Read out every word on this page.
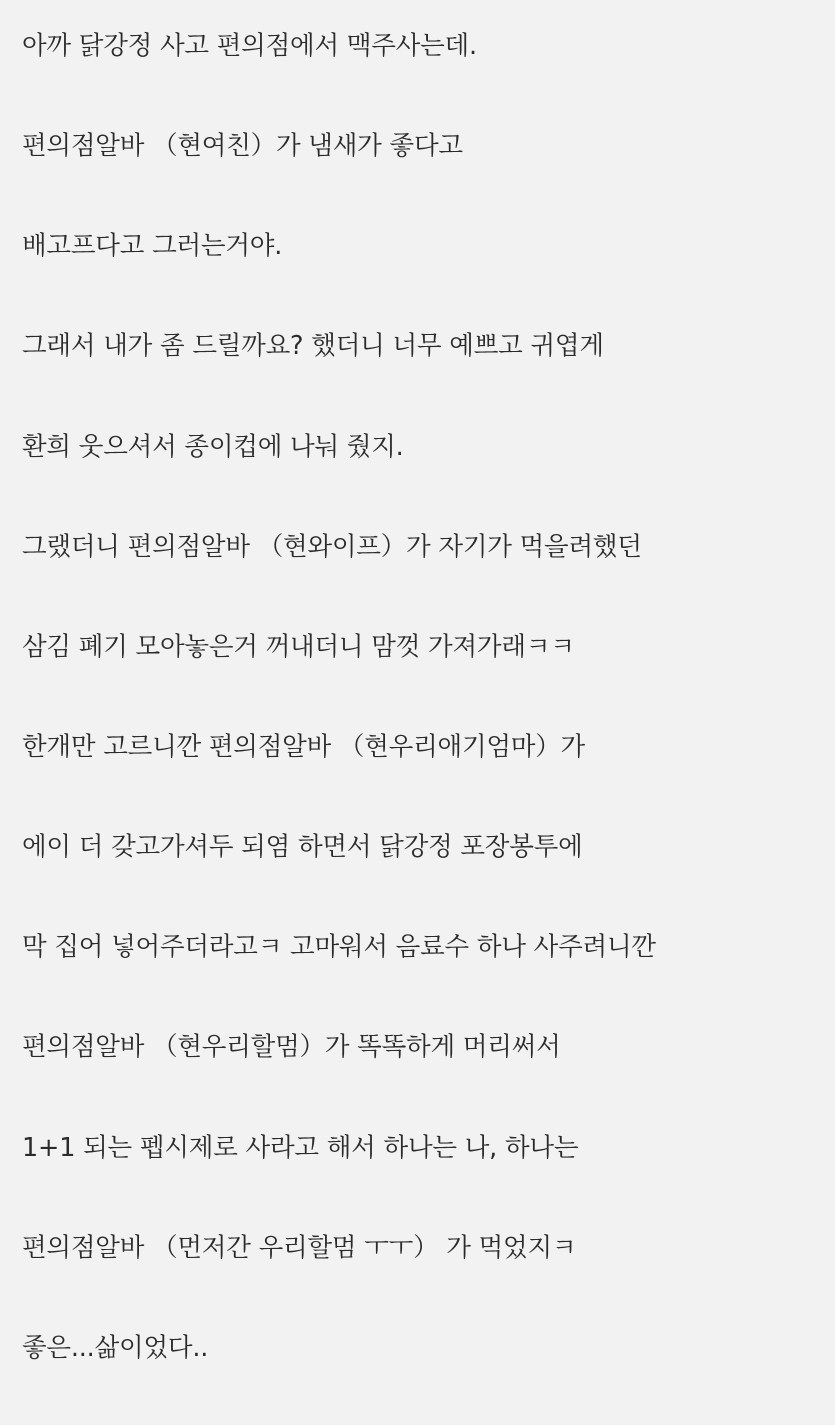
아까 닭강정 사고 편의점에서 맥주사는데.

편의점알바 （현여친）가 냄새가 좋다고

배고프다고 그러는거야.

그래서 내가 좀 드릴까요? 했더니 너무 예쁘고 귀엽게

환희 웃으셔서 종이컵에 나눠 줬지.

그랬더니 편의점알바 （현와이프）가 자기가 먹을려했던

삼김 폐기 모아놓은거 꺼내더니 맘껏 가져가래ㅋㅋ

한개만 고르니깐 편의점알바 （현우리애기엄마）가

에이 더 갖고가셔두 되염 하면서 닭강정 포장봉투에

막 집어 넣어주더라고ㅋ 고마워서 음료수 하나 사주려니깐

편의점알바 （현우리할멈）가 똑똑하게 머리써서

1+1 되는 펩시제로 사라고 해서 하나는 나, 하나는

편의점알바 （먼저간 우리할멈 ㅜㅜ） 가 먹었지ㅋ

좋은...삶이었다..
